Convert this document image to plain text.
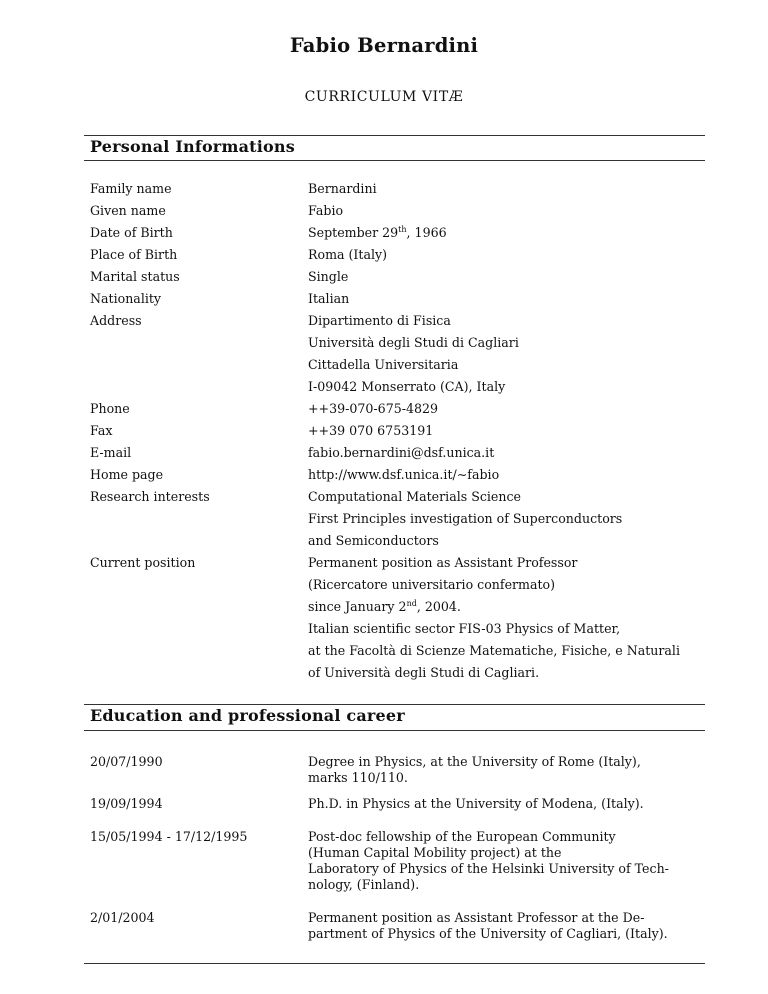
Fabio Bernardini
CURRICULUM VITÆ
Personal Informations
Family name	Bernardini
Given name	Fabio
Date of Birth	September 29th, 1966
Place of Birth	Roma (Italy)
Marital status	Single
Nationality	Italian
Address	Dipartimento di Fisica
Università degli Studi di Cagliari
Cittadella Universitaria
I-09042 Monserrato (CA), Italy
Phone	++39-070-675-4829
Fax	++39 070 6753191
E-mail	fabio.bernardini@dsf.unica.it
Home page	http://www.dsf.unica.it/∼fabio
Research interests	Computational Materials Science
First Principles investigation of Superconductors
and Semiconductors
Current position	Permanent position as Assistant Professor
(Ricercatore universitario confermato)
since January 2nd, 2004.
Italian scientific sector FIS-03 Physics of Matter,
at the Facoltà di Scienze Matematiche, Fisiche, e Naturali
of Università degli Studi di Cagliari.
Education and professional career
20/07/1990	Degree in Physics, at the University of Rome (Italy),
marks 110/110.
19/09/1994	Ph.D. in Physics at the University of Modena, (Italy).
15/05/1994 - 17/12/1995	Post-doc fellowship of the European Community
(Human Capital Mobility project) at the
Laboratory of Physics of the Helsinki University of Tech-
nology, (Finland).
2/01/2004	Permanent position as Assistant Professor at the De-
partment of Physics of the University of Cagliari, (Italy).
